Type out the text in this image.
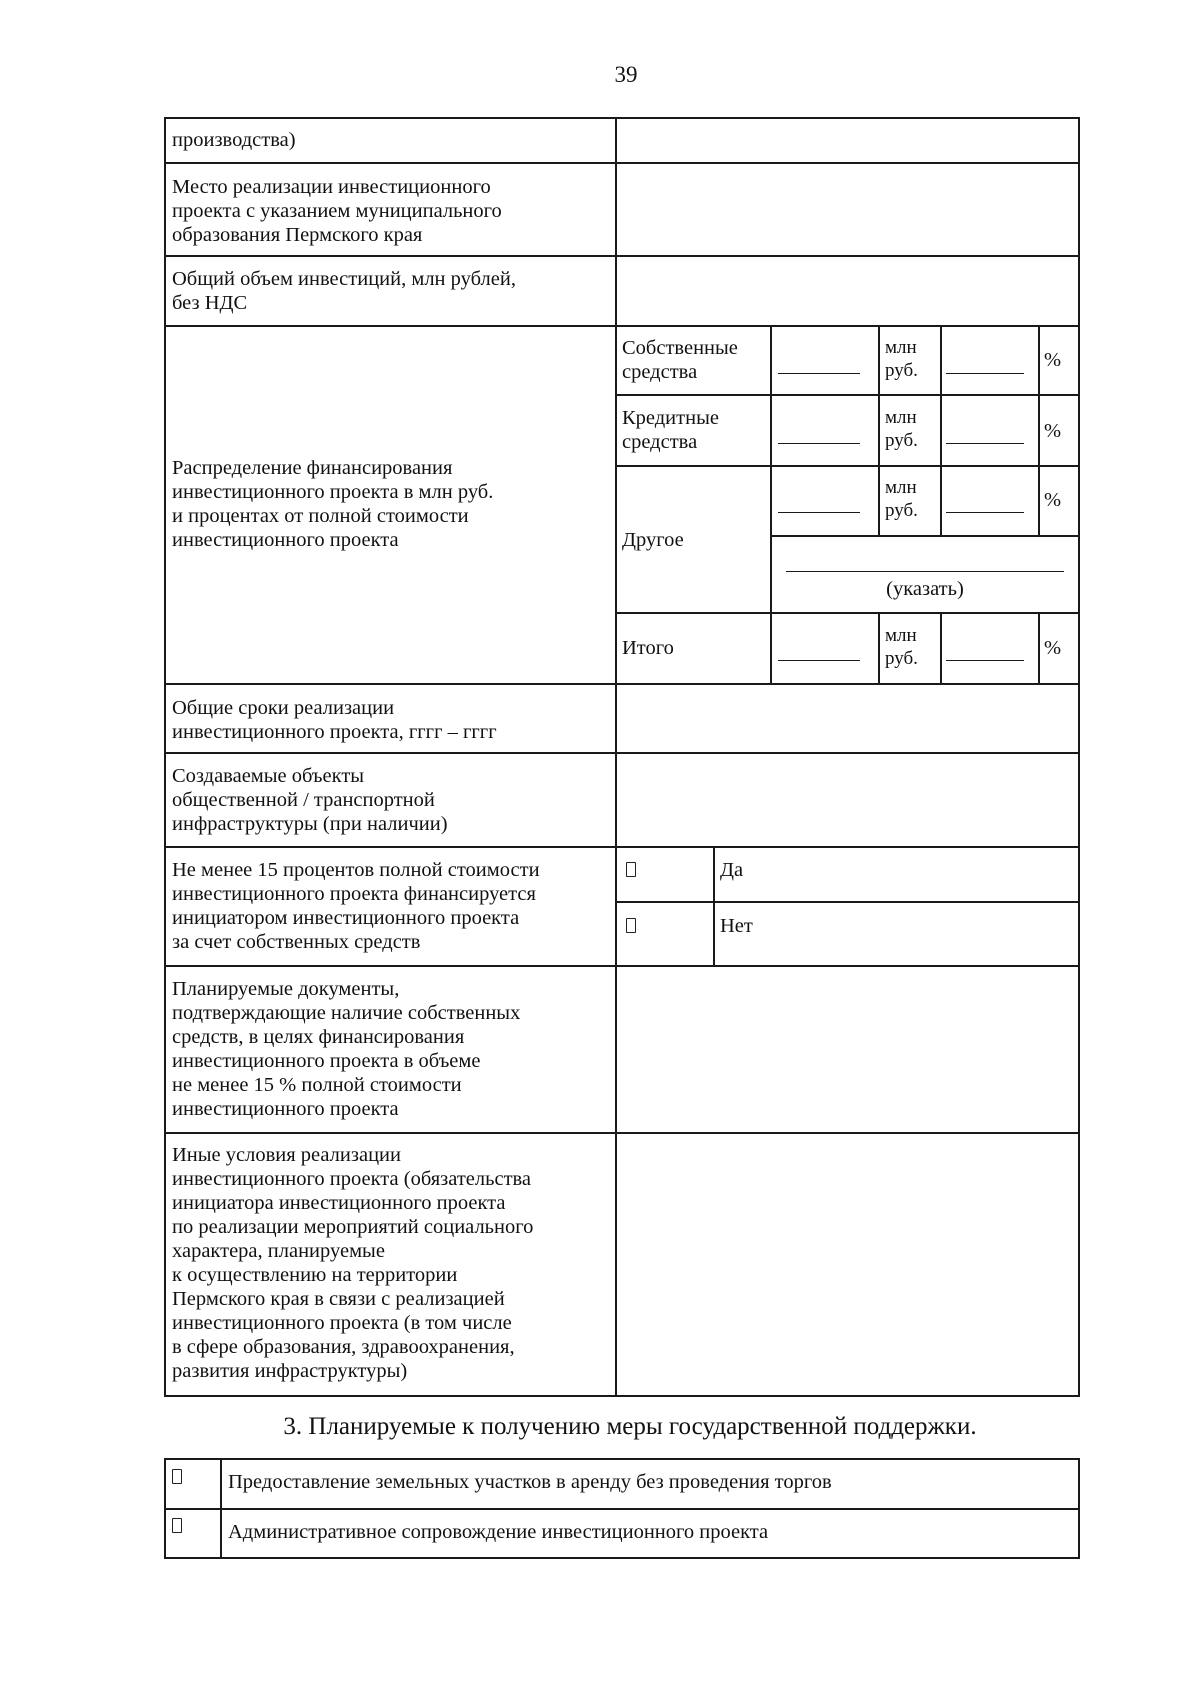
39
производства)
Место реализации инвестиционного
проекта с указанием муниципального
образования Пермского края
Общий объем инвестиций, млн рублей,
без НДС
Распределение финансирования
инвестиционного проекта в млн руб.
и процентах от полной стоимости
инвестиционного проекта
Собственные
средства
Кредитные
средства
Другое
Итого
млн
руб.
млн
руб.
млн
руб.
млн
руб.
%
%
%
%
(указать)
Общие сроки реализации
инвестиционного проекта, гггг – гггг
Создаваемые объекты
общественной / транспортной
инфраструктуры (при наличии)
Не менее 15 процентов полной стоимости
инвестиционного проекта финансируется
инициатором инвестиционного проекта
за счет собственных средств
Да
Нет
Планируемые документы,
подтверждающие наличие собственных
средств, в целях финансирования
инвестиционного проекта в объеме
не менее 15 % полной стоимости
инвестиционного проекта
Иные условия реализации
инвестиционного проекта (обязательства
инициатора инвестиционного проекта
по реализации мероприятий социального
характера, планируемые
к осуществлению на территории
Пермского края в связи с реализацией
инвестиционного проекта (в том числе
в сфере образования, здравоохранения,
развития инфраструктуры)
3. Планируемые к получению меры государственной поддержки.
Предоставление земельных участков в аренду без проведения торгов
Административное сопровождение инвестиционного проекта
